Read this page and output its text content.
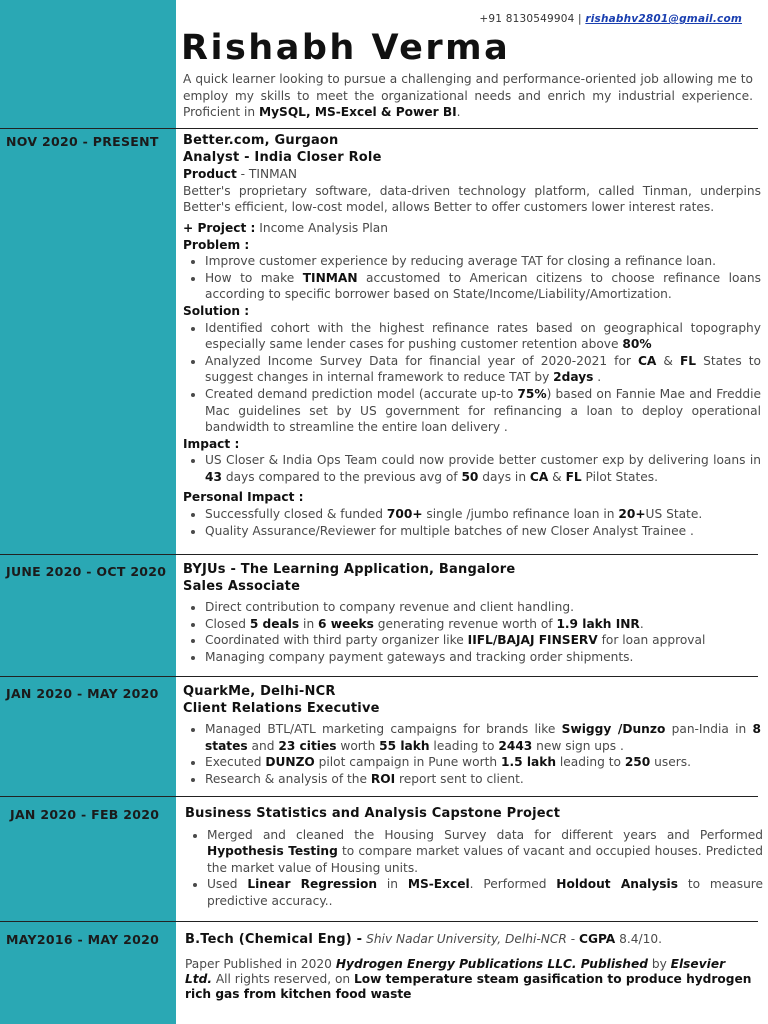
+91 8130549904 | rishabhv2801@gmail.com
Rishabh Verma
A quick learner looking to pursue a challenging and performance-oriented job allowing me to employ my skills to meet the organizational needs and enrich my industrial experience. Proficient in MySQL, MS-Excel & Power BI.
NOV 2020 - PRESENT	Better.com, Gurgaon
Analyst - India Closer Role
Product - TINMAN
Better's proprietary software, data-driven technology platform, called Tinman, underpins Better's efficient, low-cost model, allows Better to offer customers lower interest rates.
+ Project : Income Analysis Plan
Problem :
• Improve customer experience by reducing average TAT for closing a refinance loan.
• How to make TINMAN accustomed to American citizens to choose refinance loans according to specific borrower based on State/Income/Liability/Amortization.
Solution :
• Identified cohort with the highest refinance rates based on geographical topography especially same lender cases for pushing customer retention above 80%
• Analyzed Income Survey Data for financial year of 2020-2021 for CA & FL States to suggest changes in internal framework to reduce TAT by 2days .
• Created demand prediction model (accurate up-to 75%) based on Fannie Mae and Freddie Mac guidelines set by US government for refinancing a loan to deploy operational bandwidth to streamline the entire loan delivery .
Impact :
• US Closer & India Ops Team could now provide better customer exp by delivering loans in 43 days compared to the previous avg of 50 days in CA & FL Pilot States.
Personal Impact :
• Successfully closed & funded 700+ single /jumbo refinance loan in 20+US State.
• Quality Assurance/Reviewer for multiple batches of new Closer Analyst Trainee .
JUNE 2020 - OCT 2020	BYJUs - The Learning Application, Bangalore
Sales Associate
• Direct contribution to company revenue and client handling.
• Closed 5 deals in 6 weeks generating revenue worth of 1.9 lakh INR.
• Coordinated with third party organizer like IIFL/BAJAJ FINSERV for loan approval
• Managing company payment gateways and tracking order shipments.
JAN 2020 - MAY 2020	QuarkMe, Delhi-NCR
Client Relations Executive
• Managed BTL/ATL marketing campaigns for brands like Swiggy /Dunzo pan-India in 8 states and 23 cities worth 55 lakh leading to 2443 new sign ups .
• Executed DUNZO pilot campaign in Pune worth 1.5 lakh leading to 250 users.
• Research & analysis of the ROI report sent to client.
JAN 2020 - FEB 2020	Business Statistics and Analysis Capstone Project
• Merged and cleaned the Housing Survey data for different years and Performed Hypothesis Testing to compare market values of vacant and occupied houses. Predicted the market value of Housing units.
• Used Linear Regression in MS-Excel. Performed Holdout Analysis to measure predictive accuracy..
MAY2016 - MAY 2020	B.Tech (Chemical Eng) - Shiv Nadar University, Delhi-NCR - CGPA 8.4/10.
Paper Published in 2020 Hydrogen Energy Publications LLC. Published by Elsevier Ltd. All rights reserved, on Low temperature steam gasification to produce hydrogen rich gas from kitchen food waste
